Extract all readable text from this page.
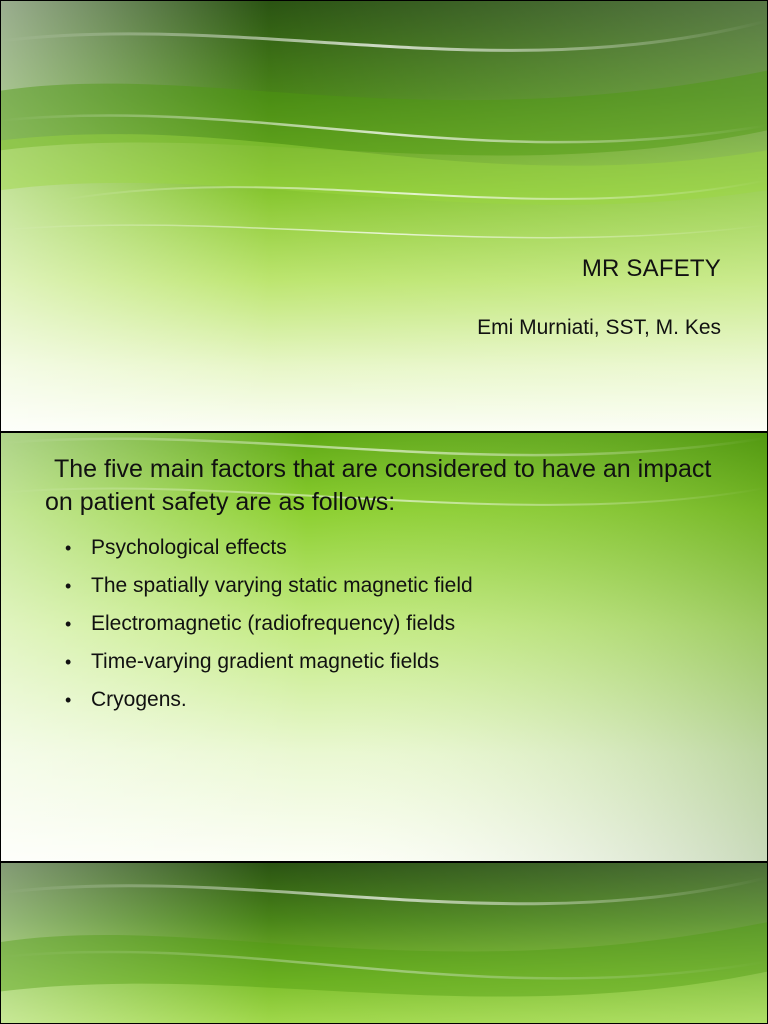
MR SAFETY
Emi Murniati, SST, M. Kes
The five main factors that are considered to have an impact on patient safety are as follows:
• Psychological effects
• The spatially varying static magnetic field
• Electromagnetic (radiofrequency) fields
• Time-varying gradient magnetic fields
• Cryogens.
